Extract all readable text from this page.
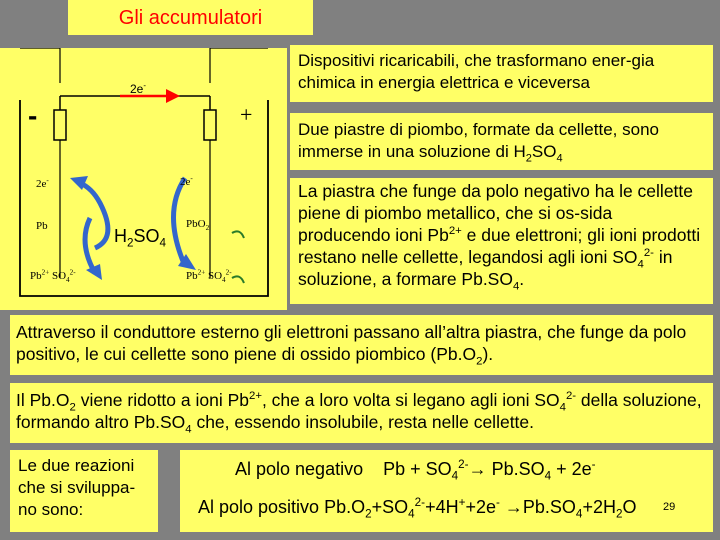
Gli accumulatori
2e-
-	+
2e-	2e-
Pb	$H_2SO_4$
PbO$_2$
$Pb^{2+}$ $SO_4^{2-}$	$Pb^{2+}$ $SO_4^{2-}$
Dispositivi ricaricabili, che trasformano ener-gia chimica in energia elettrica e viceversa
Due piastre di piombo, formate da cellette, sono immerse in una soluzione di $H_2SO_4$
La piastra che funge da polo negativo ha le cellette piene di piombo metallico, che si os-sida producendo ioni $Pb^{2+}$ e due elettroni; gli ioni prodotti restano nelle cellette, legandosi agli ioni $SO_4^{2-}$ in soluzione, a formare $Pb.SO_4$.
Attraverso il conduttore esterno gli elettroni passano all’altra piastra, che funge da polo positivo, le cui cellette sono piene di ossido piombico $(Pb.O_2)$.
Il $Pb.O_2$ viene ridotto a ioni $Pb^{2+}$, che a loro volta si legano agli ioni $SO_4^{2-}$ della soluzione, formando altro $Pb.SO_4$ che, essendo insolubile, resta nelle cellette.
Le due reazioni che si sviluppa-no sono:
Al polo negativo    $Pb + SO_4^{2-}\to Pb.SO_4 + 2e^-$
Al polo positivo $Pb.O_2+SO_4^{2-}+4H^++2e^- \to Pb.SO_4+2H_2O$ 29
